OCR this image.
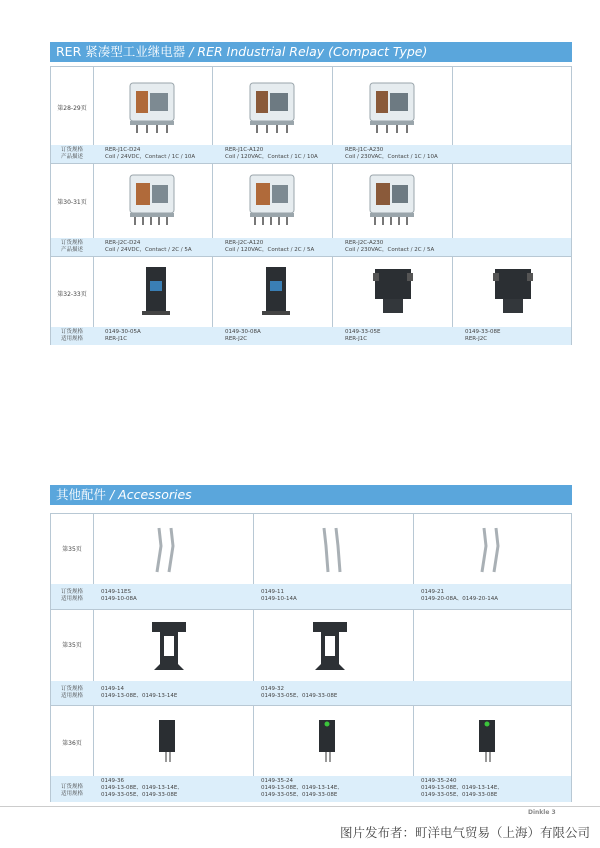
RER 紧凑型工业继电器 / RER Industrial Relay (Compact Type)
第28-29页
订货规格
产品描述
RER-J1C-D24
Coil / 24VDC，Contact / 1C / 10A
RER-J1C-A120
Coil / 120VAC，Contact / 1C / 10A
RER-J1C-A230
Coil / 230VAC，Contact / 1C / 10A
第30-31页
订货规格
产品描述
RER-J2C-D24
Coil / 24VDC，Contact / 2C / 5A
RER-J2C-A120
Coil / 120VAC，Contact / 2C / 5A
RER-J2C-A230
Coil / 230VAC，Contact / 2C / 5A
第32-33页
订货规格
适用规格
0149-30-05A
RER-J1C
0149-30-08A
RER-J2C
0149-33-05E
RER-J1C
0149-33-08E
RER-J2C
其他配件 / Accessories
第35页
订货规格
适用规格
0149-11ES
0149-10-08A
0149-11
0149-10-14A
0149-21
0149-20-08A、0149-20-14A
第35页
订货规格
适用规格
0149-14
0149-13-08E、0149-13-14E
0149-32
0149-33-05E、0149-33-08E
第36页
订货规格
适用规格
0149-36
0149-13-08E、0149-13-14E、
0149-33-05E、0149-33-08E
0149-35-24
0149-13-08E、0149-13-14E、
0149-33-05E、0149-33-08E
0149-35-240
0149-13-08E、0149-13-14E、
0149-33-05E、0149-33-08E
Dinkle 3
图片发布者：町洋电气贸易（上海）有限公司
